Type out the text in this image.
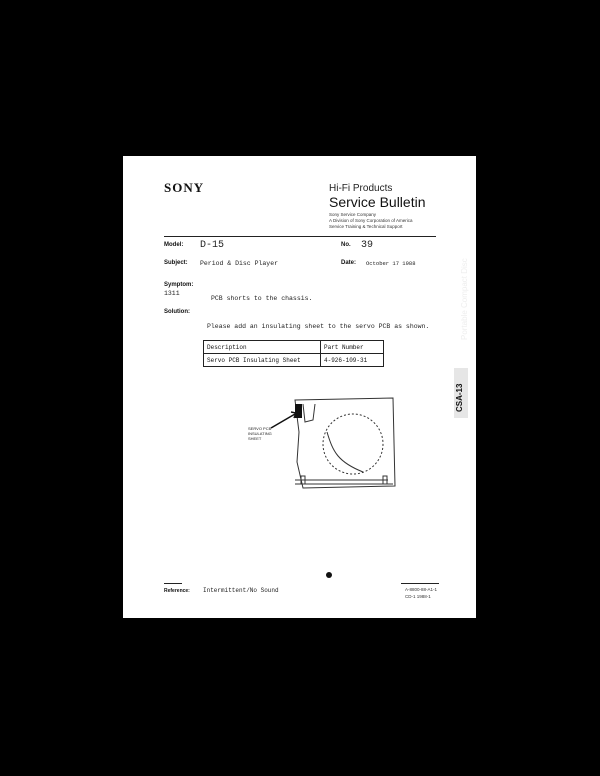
SONY	Hi-Fi Products
Service Bulletin
Sony Service Company
A Division of Sony Corporation of America
Service Training & Technical Support
Model: D-15	No. 39
Subject: Period & Disc Player	Date: October 17 1988
Symptom:
1311
PCB shorts to the chassis.
Solution:
Please add an insulating sheet to the servo PCB as shown.
Description	Part Number
Servo PCB Insulating Sheet	4-926-109-31
SERVO PCB INSULATING SHEET
Reference: Intermittent/No Sound	A-8800-88-A1-1
CD-1 1988-1
Portable Compact Disc
CSA-13
